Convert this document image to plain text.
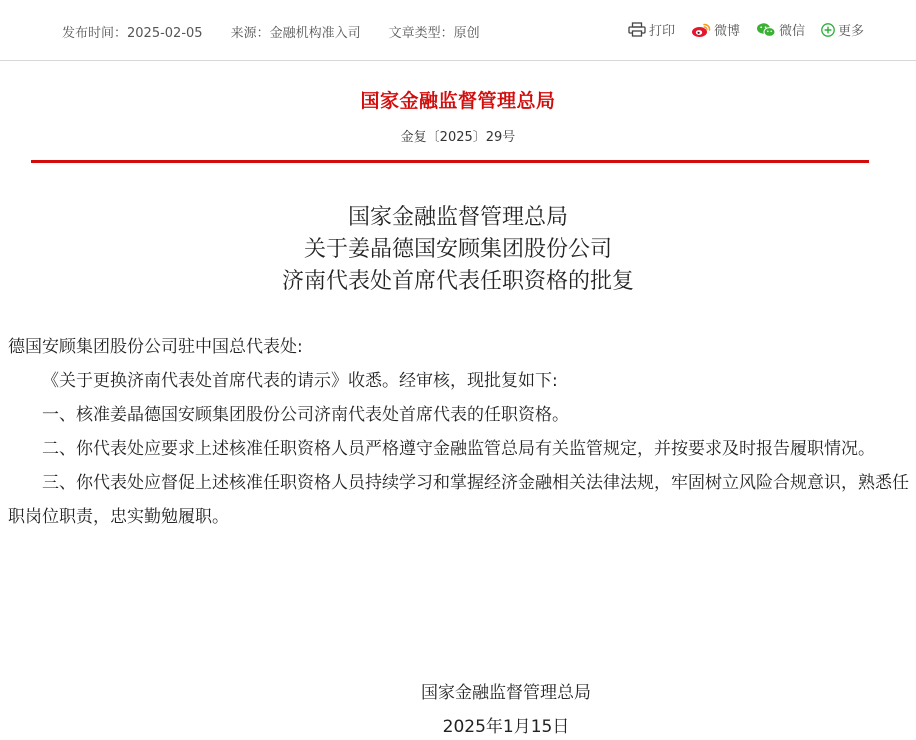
发布时间：2025-02-05 来源：金融机构准入司 文章类型：原创	打印	微博	微信	更多
国家金融监督管理总局
金复〔2025〕29号
国家金融监督管理总局
关于姜晶德国安顾集团股份公司
济南代表处首席代表任职资格的批复

德国安顾集团股份公司驻中国总代表处:

《关于更换济南代表处首席代表的请示》收悉。经审核，现批复如下:

一、核准姜晶德国安顾集团股份公司济南代表处首席代表的任职资格。

二、你代表处应要求上述核准任职资格人员严格遵守金融监管总局有关监管规定，并按要求及时报告履职情况。

三、你代表处应督促上述核准任职资格人员持续学习和掌握经济金融相关法律法规，牢固树立风险合规意识，熟悉任职岗位职责，忠实勤勉履职。

国家金融监督管理总局
2025年1月15日
